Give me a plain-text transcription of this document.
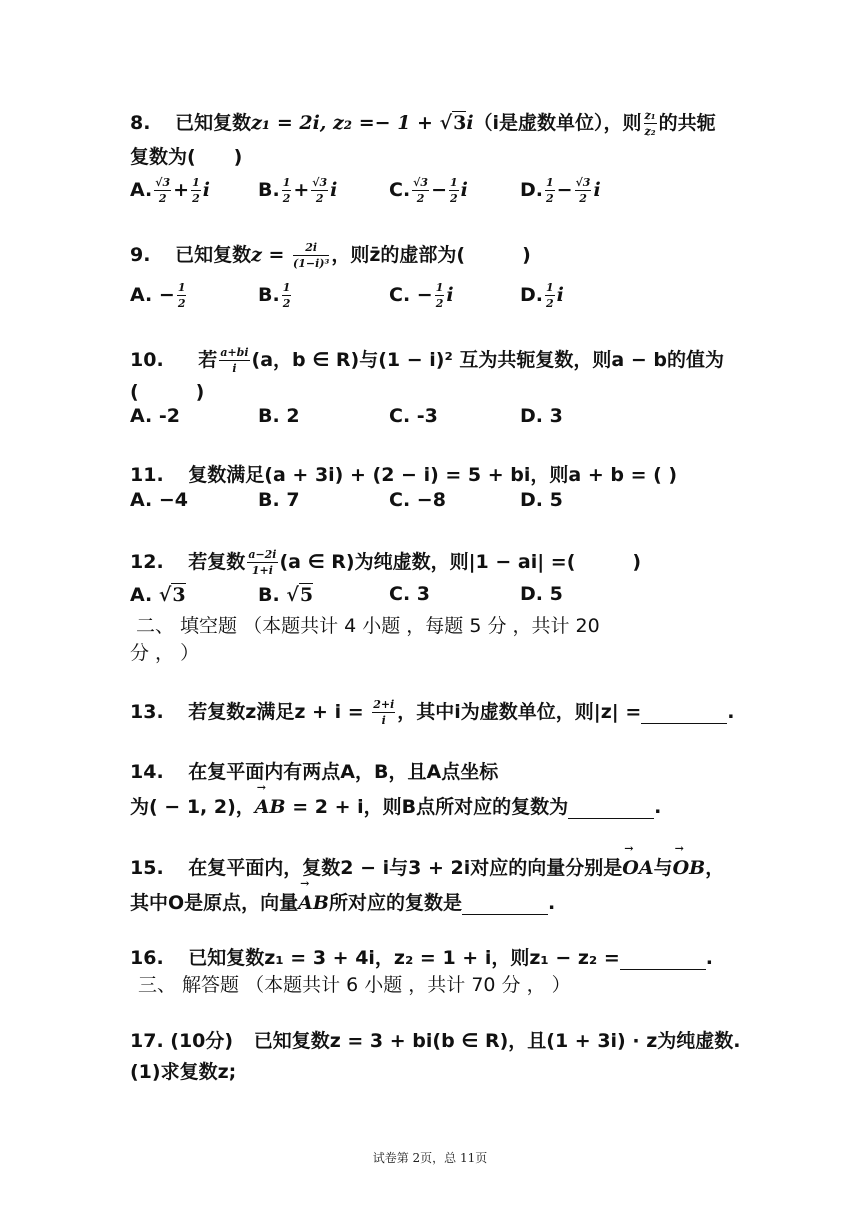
8. 已知复数z₁ = 2i, z₂ =− 1 + √3i（i是虚数单位），则 $\frac{\text{z₁}}{\text{z₂}}$ 的共轭
复数为(　　)
A. $\frac{√3}{2} + \frac{1}{2}$ i	B. $\frac{1}{2} + \frac{√3}{2}$ i	C. $\frac{√3}{2} - \frac{1}{2}$ i	D. $\frac{1}{2} - \frac{√3}{2}$ i
9. 已知复数$z = \frac{2i}{\text{(1−i)³}}$ ，则z̄的虚部为(　　　)
A. − $\frac{1}{2}$	B. $\frac{1}{2}$	C. − $\frac{1}{2}$ i	D. $\frac{1}{2}$ i
10. 若 $\frac{a+bi}{i} (a$，b ∈ R)与(1 − i)² 互为共轭复数，则a − b的值为
(　　　)
A. -2	B. 2	C. -3	D. 3
11. 复数满足(a + 3i) + (2 − i) = 5 + bi，则a + b = ( )
A. −4	B. 7	C. −8	D. 5
12. 若复数 $\frac{a-2i}{1+i} (a$ ∈ R)为纯虚数，则|1 − ai| =(　　　)
A. √3	B. √5	C. 3	D. 5
二、 填空题 （本题共计 4 小题 ，每题 5 分 ，共计 20
分 ， ）
13. 若复数z满足$z + i = \frac{2+i}{i}$ ，其中i为虚数单位，则|z| =	.
14. 在复平面内有两点A，B，且A点坐标
为( − 1, 2)，→ AB = 2 + i，则B点所对应的复数为	.
15. 在复平面内，复数2 − i与3 + 2i对应的向量分别是→ OA与→ OB，
其中O是原点，向量→ AB所对应的复数是	.
16. 已知复数z₁ = 3 + 4i，z₂ = 1 + i，则z₁ − z₂ =	.
三、 解答题 （本题共计 6 小题 ，共计 70 分 ， ）
17. (10分) 已知复数z = 3 + bi(b ∈ R)，且(1 + 3i) · z为纯虚数.
(1)求复数z;
试卷第 2页，总 11页
